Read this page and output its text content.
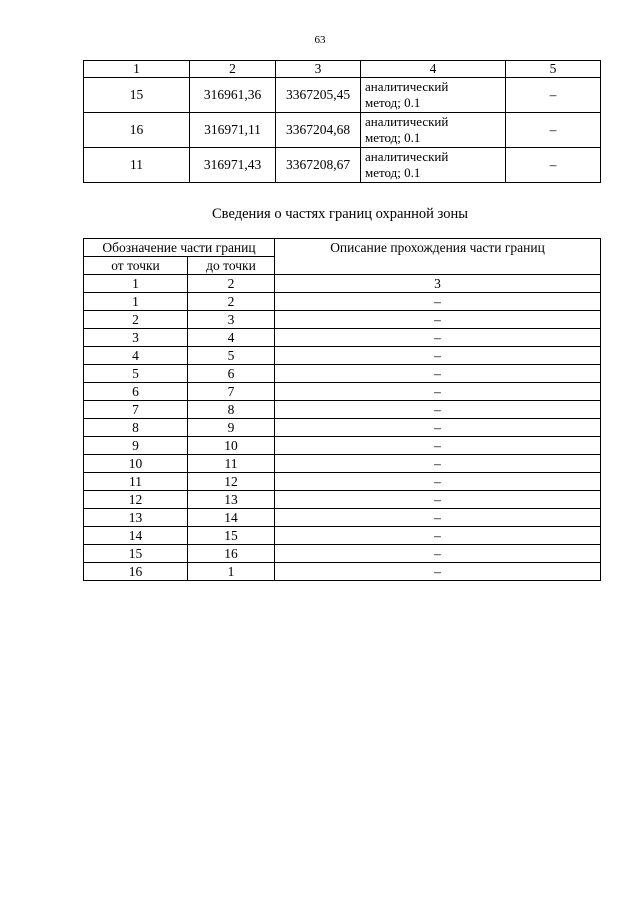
63
1	2	3	4	5
15	316961,36	3367205,45	аналитический
метод; 0.1	–
16	316971,11	3367204,68	аналитический
метод; 0.1	–
11	316971,43	3367208,67	аналитический
метод; 0.1	–
Сведения о частях границ охранной зоны
Обозначение части границ		Описание прохождения части границ
от точки	до точки	
1	2	3
1	2	–
2	3	–
3	4	–
4	5	–
5	6	–
6	7	–
7	8	–
8	9	–
9	10	–
10	11	–
11	12	–
12	13	–
13	14	–
14	15	–
15	16	–
16	1	–
